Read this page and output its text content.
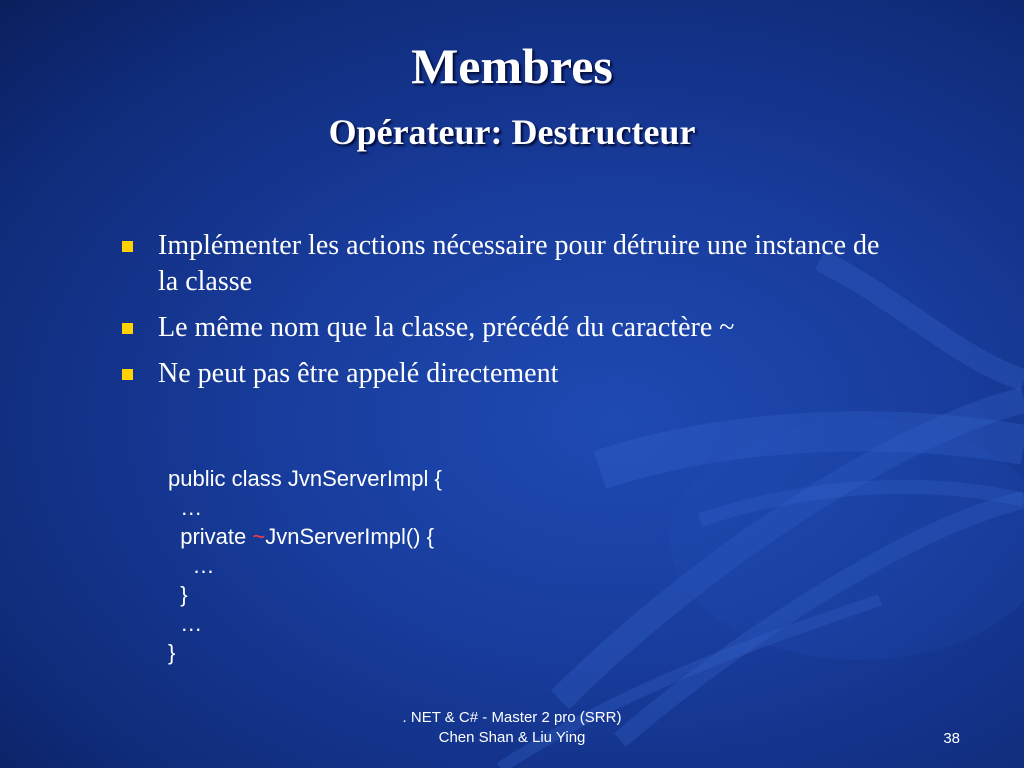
Membres
Opérateur: Destructeur
Implémenter les actions nécessaire pour détruire une instance de la classe
Le même nom que la classe, précédé du caractère ~
Ne peut pas être appelé directement
public class JvnServerImpl {
…
private ~JvnServerImpl() {
…
}
…
}
. NET & C# - Master 2 pro (SRR)
Chen Shan & Liu Ying	38
